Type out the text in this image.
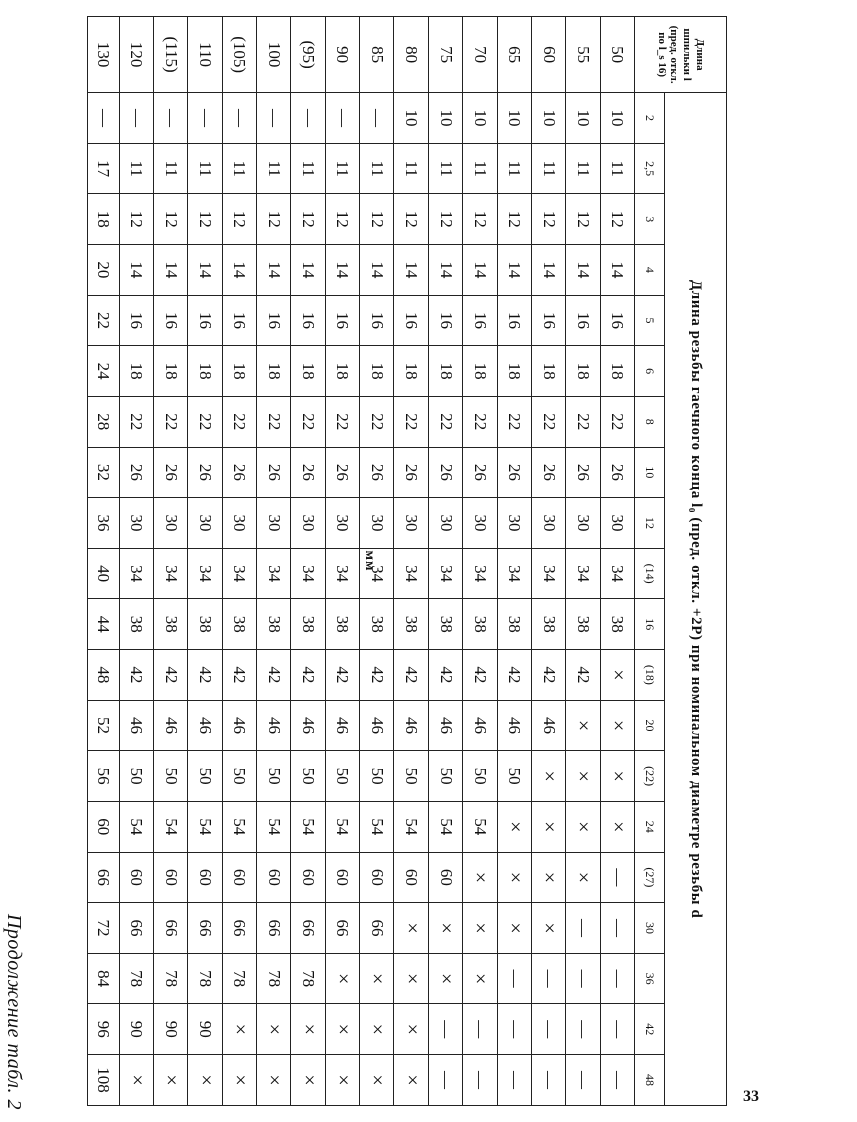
Продолжение табл. 2
мм
Длина шпильки l (пред. откл. по l_s 16)	Длина резьбы гаечного конца l₀ (пред. откл. +2P) при номинальном диаметре резьбы d																			
	2	2,5	3	4	5	6	8	10	12	(14)	16	(18)	20	(22)	24	(27)	30	36	42	48
50	10	11	12	14	16	18	22	26	30	34	38	×	×	×	×	—	—	—	—	—
55	10	11	12	14	16	18	22	26	30	34	38	42	×	×	×	×	—	—	—	—
60	10	11	12	14	16	18	22	26	30	34	38	42	46	×	×	×	×	—	—	—
65	10	11	12	14	16	18	22	26	30	34	38	42	46	50	×	×	×	—	—	—
70	10	11	12	14	16	18	22	26	30	34	38	42	46	50	54	×	×	×	—	—
75	10	11	12	14	16	18	22	26	30	34	38	42	46	50	54	60	×	×	—	—
80	10	11	12	14	16	18	22	26	30	34	38	42	46	50	54	60	×	×	×	×
85	—	11	12	14	16	18	22	26	30	34	38	42	46	50	54	60	66	×	×	×
90	—	11	12	14	16	18	22	26	30	34	38	42	46	50	54	60	66	×	×	×
(95)	—	11	12	14	16	18	22	26	30	34	38	42	46	50	54	60	66	78	×	×
100	—	11	12	14	16	18	22	26	30	34	38	42	46	50	54	60	66	78	×	×
(105)	—	11	12	14	16	18	22	26	30	34	38	42	46	50	54	60	66	78	×	×
110	—	11	12	14	16	18	22	26	30	34	38	42	46	50	54	60	66	78	90	×
(115)	—	11	12	14	16	18	22	26	30	34	38	42	46	50	54	60	66	78	90	×
120	—	11	12	14	16	18	22	26	30	34	38	42	46	50	54	60	66	78	90	×
130	—	17	18	20	22	24	28	32	36	40	44	48	52	56	60	66	72	84	96	108
33
